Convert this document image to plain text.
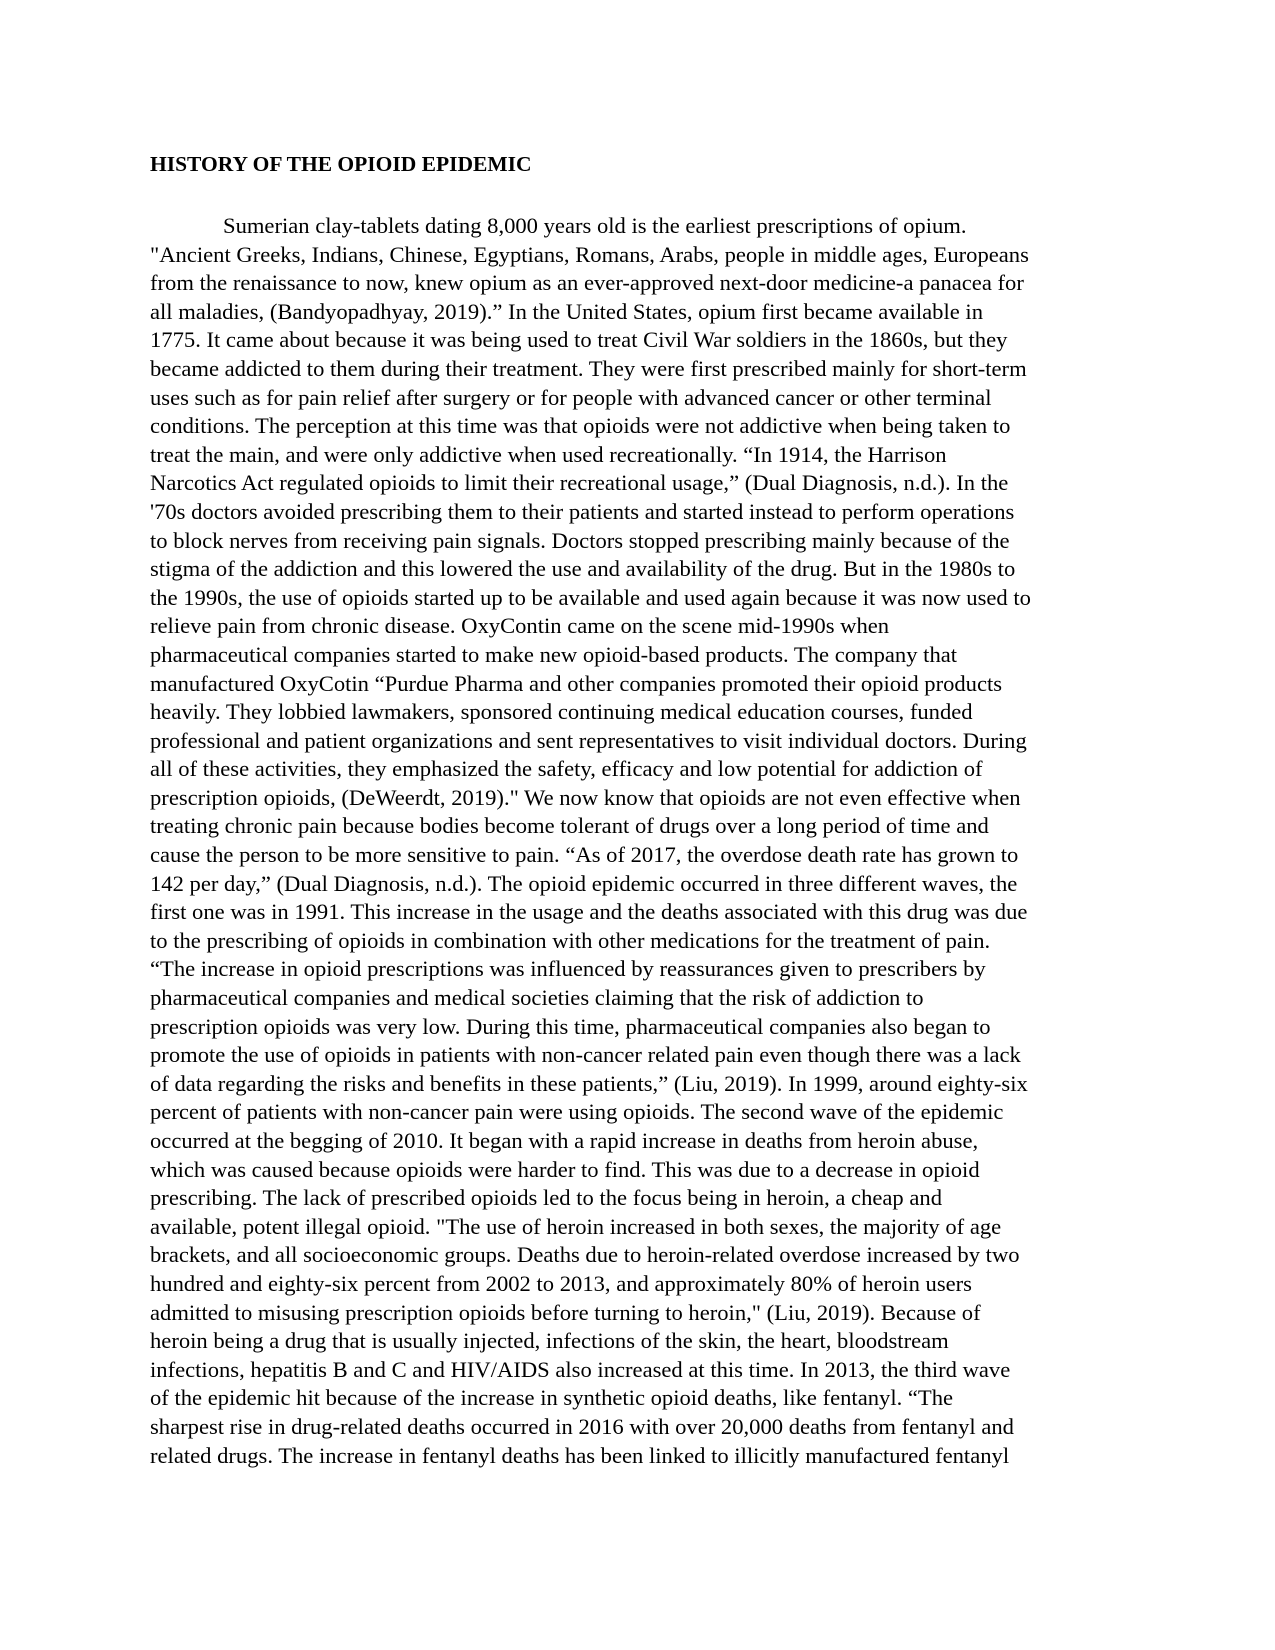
HISTORY OF THE OPIOID EPIDEMIC
Sumerian clay-tablets dating 8,000 years old is the earliest prescriptions of opium.
"Ancient Greeks, Indians, Chinese, Egyptians, Romans, Arabs, people in middle ages, Europeans
from the renaissance to now, knew opium as an ever-approved next-door medicine-a panacea for
all maladies, (Bandyopadhyay, 2019).” In the United States, opium first became available in
1775. It came about because it was being used to treat Civil War soldiers in the 1860s, but they
became addicted to them during their treatment. They were first prescribed mainly for short-term
uses such as for pain relief after surgery or for people with advanced cancer or other terminal
conditions. The perception at this time was that opioids were not addictive when being taken to
treat the main, and were only addictive when used recreationally. “In 1914, the Harrison
Narcotics Act regulated opioids to limit their recreational usage,” (Dual Diagnosis, n.d.). In the
'70s doctors avoided prescribing them to their patients and started instead to perform operations
to block nerves from receiving pain signals. Doctors stopped prescribing mainly because of the
stigma of the addiction and this lowered the use and availability of the drug. But in the 1980s to
the 1990s, the use of opioids started up to be available and used again because it was now used to
relieve pain from chronic disease. OxyContin came on the scene mid-1990s when
pharmaceutical companies started to make new opioid-based products. The company that
manufactured OxyCotin “Purdue Pharma and other companies promoted their opioid products
heavily. They lobbied lawmakers, sponsored continuing medical education courses, funded
professional and patient organizations and sent representatives to visit individual doctors. During
all of these activities, they emphasized the safety, efficacy and low potential for addiction of
prescription opioids, (DeWeerdt, 2019)." We now know that opioids are not even effective when
treating chronic pain because bodies become tolerant of drugs over a long period of time and
cause the person to be more sensitive to pain. “As of 2017, the overdose death rate has grown to
142 per day,” (Dual Diagnosis, n.d.). The opioid epidemic occurred in three different waves, the
first one was in 1991. This increase in the usage and the deaths associated with this drug was due
to the prescribing of opioids in combination with other medications for the treatment of pain.
“The increase in opioid prescriptions was influenced by reassurances given to prescribers by
pharmaceutical companies and medical societies claiming that the risk of addiction to
prescription opioids was very low. During this time, pharmaceutical companies also began to
promote the use of opioids in patients with non-cancer related pain even though there was a lack
of data regarding the risks and benefits in these patients,” (Liu, 2019). In 1999, around eighty-six
percent of patients with non-cancer pain were using opioids. The second wave of the epidemic
occurred at the begging of 2010. It began with a rapid increase in deaths from heroin abuse,
which was caused because opioids were harder to find. This was due to a decrease in opioid
prescribing. The lack of prescribed opioids led to the focus being in heroin, a cheap and
available, potent illegal opioid. "The use of heroin increased in both sexes, the majority of age
brackets, and all socioeconomic groups. Deaths due to heroin-related overdose increased by two
hundred and eighty-six percent from 2002 to 2013, and approximately 80% of heroin users
admitted to misusing prescription opioids before turning to heroin," (Liu, 2019). Because of
heroin being a drug that is usually injected, infections of the skin, the heart, bloodstream
infections, hepatitis B and C and HIV/AIDS also increased at this time. In 2013, the third wave
of the epidemic hit because of the increase in synthetic opioid deaths, like fentanyl. “The
sharpest rise in drug-related deaths occurred in 2016 with over 20,000 deaths from fentanyl and
related drugs. The increase in fentanyl deaths has been linked to illicitly manufactured fentanyl
